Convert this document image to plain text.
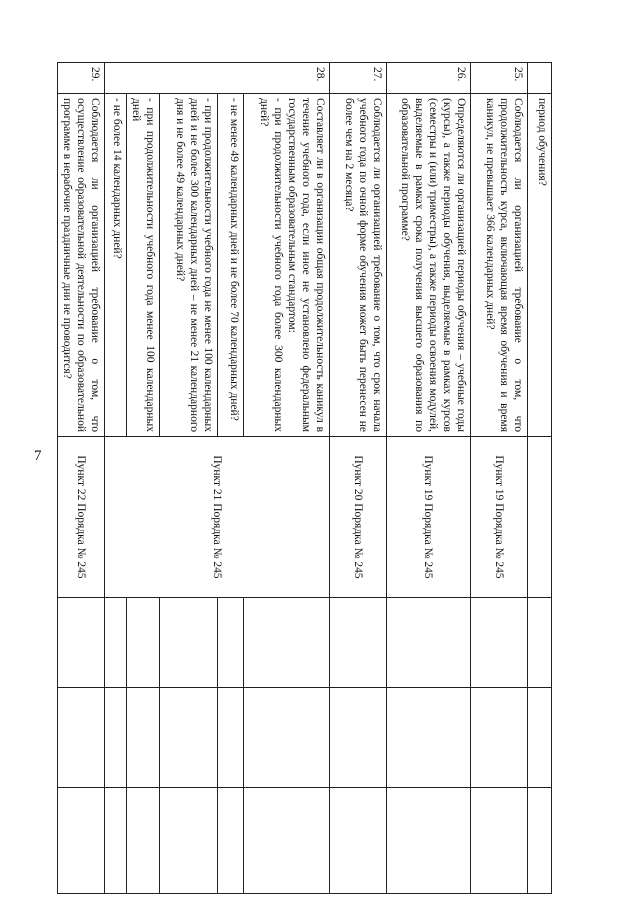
7
	период обучения?				
25.	Соблюдается ли организацией требование о том, что продолжительность курса, включающая время обучения и время каникул, не превышает 366 календарных дней?	Пункт 19 Порядка № 245			
26.	Определяются ли организацией периоды обучения – учебные годы (курсы), а также периоды обучения, выделяемые в рамках курсов (семестры и (или) триместры), а также периоды освоения модулей, выделяемые в рамках срока получения высшего образования по образовательной программе?	Пункт 19 Порядка № 245			
27.	Соблюдается ли организацией требование о том, что срок начала учебного года по очной форме обучения может быть перенесен не более чем на 2 месяца?	Пункт 20 Порядка № 245			
28.	Составляет ли в организации общая продолжительность каникул в течение учебного года, если иное не установлено федеральным государственным образовательным стандартом:
- при продолжительности учебного года более 300 календарных дней?	Пункт 21 Порядка № 245			
	- не менее 49 календарных дней и не более 70 календарных дней?				
	- при продолжительности учебного года не менее 100 календарных дней и не более 300 календарных дней – не менее 21 календарного дня и не более 49 календарных дней?				
	- при продолжительности учебного года менее 100 календарных дней				
	- не более 14 календарных дней?				
29.	Соблюдается ли организацией требование о том, что осуществление образовательной деятельности по образовательной программе в нерабочие праздничные дни не проводится?	Пункт 22 Порядка № 245			
